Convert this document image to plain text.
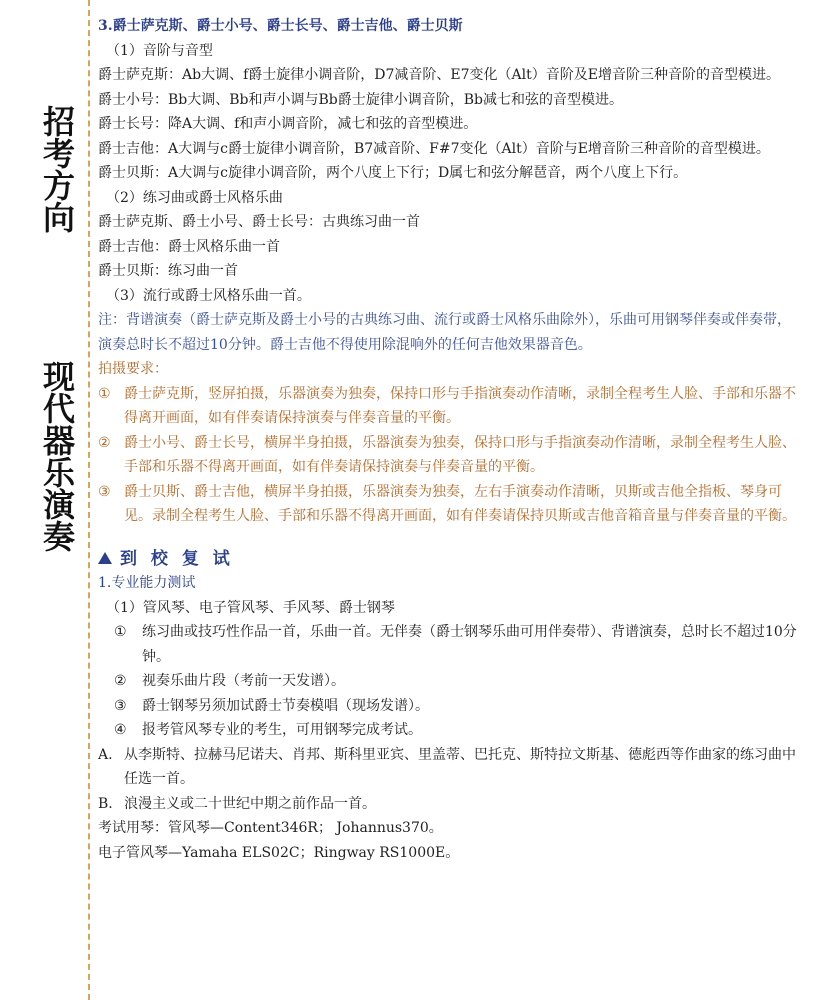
招考方向
现代器乐演奏
3.爵士萨克斯、爵士小号、爵士长号、爵士吉他、爵士贝斯
（1）音阶与音型
爵士萨克斯：Ab大调、f爵士旋律小调音阶，D7减音阶、E7变化（Alt）音阶及E增音阶三种音阶的音型模进。
爵士小号：Bb大调、Bb和声小调与Bb爵士旋律小调音阶，Bb减七和弦的音型模进。
爵士长号：降A大调、f和声小调音阶，减七和弦的音型模进。
爵士吉他：A大调与c爵士旋律小调音阶，B7减音阶、F#7变化（Alt）音阶与E增音阶三种音阶的音型模进。
爵士贝斯：A大调与c旋律小调音阶，两个八度上下行；D属七和弦分解琶音，两个八度上下行。
（2）练习曲或爵士风格乐曲
爵士萨克斯、爵士小号、爵士长号：古典练习曲一首
爵士吉他：爵士风格乐曲一首
爵士贝斯：练习曲一首
（3）流行或爵士风格乐曲一首。
注：背谱演奏（爵士萨克斯及爵士小号的古典练习曲、流行或爵士风格乐曲除外），乐曲可用钢琴伴奏或伴奏带，演奏总时长不超过10分钟。爵士吉他不得使用除混响外的任何吉他效果器音色。
拍摄要求：
① 爵士萨克斯，竖屏拍摄，乐器演奏为独奏，保持口形与手指演奏动作清晰，录制全程考生人脸、手部和乐器不得离开画面，如有伴奏请保持演奏与伴奏音量的平衡。
② 爵士小号、爵士长号，横屏半身拍摄，乐器演奏为独奏，保持口形与手指演奏动作清晰，录制全程考生人脸、手部和乐器不得离开画面，如有伴奏请保持演奏与伴奏音量的平衡。
③ 爵士贝斯、爵士吉他，横屏半身拍摄，乐器演奏为独奏，左右手演奏动作清晰，贝斯或吉他全指板、琴身可见。录制全程考生人脸、手部和乐器不得离开画面，如有伴奏请保持贝斯或吉他音箱音量与伴奏音量的平衡。
到 校 复 试
1.专业能力测试
（1）管风琴、电子管风琴、手风琴、爵士钢琴
①	练习曲或技巧性作品一首，乐曲一首。无伴奏（爵士钢琴乐曲可用伴奏带）、背谱演奏，总时长不超过10分钟。
②	视奏乐曲片段（考前一天发谱）。
③	爵士钢琴另须加试爵士节奏模唱（现场发谱）。
④	报考管风琴专业的考生，可用钢琴完成考试。
A. 从李斯特、拉赫马尼诺夫、肖邦、斯科里亚宾、里盖蒂、巴托克、斯特拉文斯基、德彪西等作曲家的练习曲中任选一首。
B. 浪漫主义或二十世纪中期之前作品一首。
考试用琴：管风琴—Content346R； Johannus370。
电子管风琴—Yamaha ELS02C；Ringway RS1000E。
